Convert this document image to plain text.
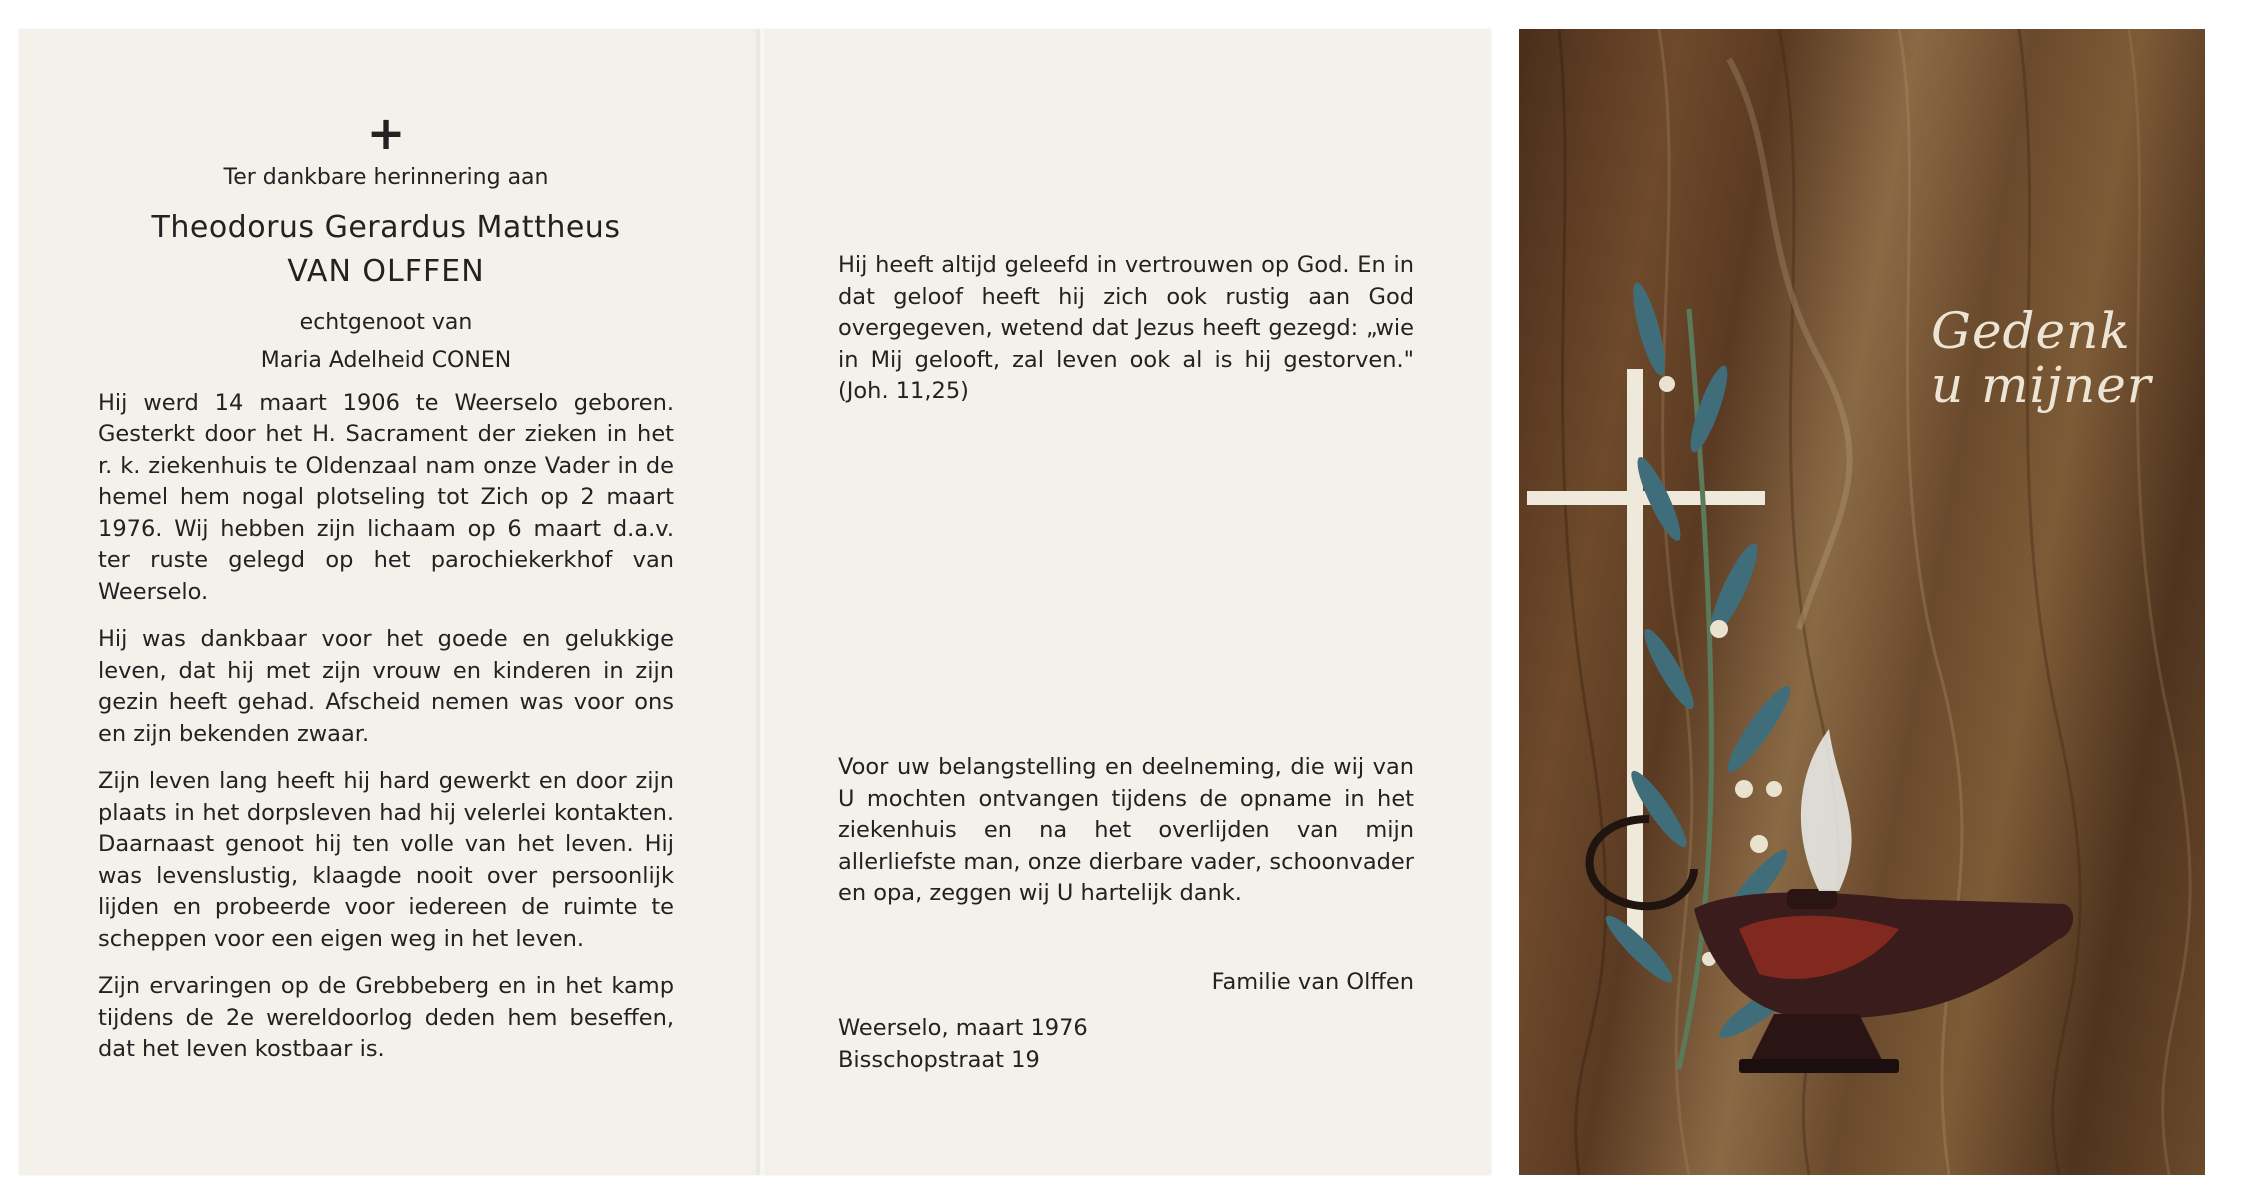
+
Ter dankbare herinnering aan
Theodorus Gerardus Mattheus
VAN OLFFEN
echtgenoot van
Maria Adelheid CONEN

Hij werd 14 maart 1906 te Weerselo geboren. Gesterkt door het H. Sacrament der zieken in het r. k. ziekenhuis te Oldenzaal nam onze Vader in de hemel hem nogal plotseling tot Zich op 2 maart 1976. Wij hebben zijn lichaam op 6 maart d.a.v. ter ruste gelegd op het parochiekerkhof van Weerselo.

Hij was dankbaar voor het goede en gelukkige leven, dat hij met zijn vrouw en kinderen in zijn gezin heeft gehad. Afscheid nemen was voor ons en zijn bekenden zwaar.

Zijn leven lang heeft hij hard gewerkt en door zijn plaats in het dorpsleven had hij velerlei kontakten. Daarnaast genoot hij ten volle van het leven. Hij was levenslustig, klaagde nooit over persoonlijk lijden en probeerde voor iedereen de ruimte te scheppen voor een eigen weg in het leven.

Zijn ervaringen op de Grebbeberg en in het kamp tijdens de 2e wereldoorlog deden hem beseffen, dat het leven kostbaar is.

Hij heeft altijd geleefd in vertrouwen op God. En in dat geloof heeft hij zich ook rustig aan God overgegeven, wetend dat Jezus heeft gezegd: „wie in Mij gelooft, zal leven ook al is hij gestorven." (Joh. 11,25)

Voor uw belangstelling en deelneming, die wij van U mochten ontvangen tijdens de opname in het ziekenhuis en na het overlijden van mijn allerliefste man, onze dierbare vader, schoonvader en opa, zeggen wij U hartelijk dank.

Familie van Olffen
Weerselo, maart 1976
Bisschopstraat 19
Gedenk
u mijner
